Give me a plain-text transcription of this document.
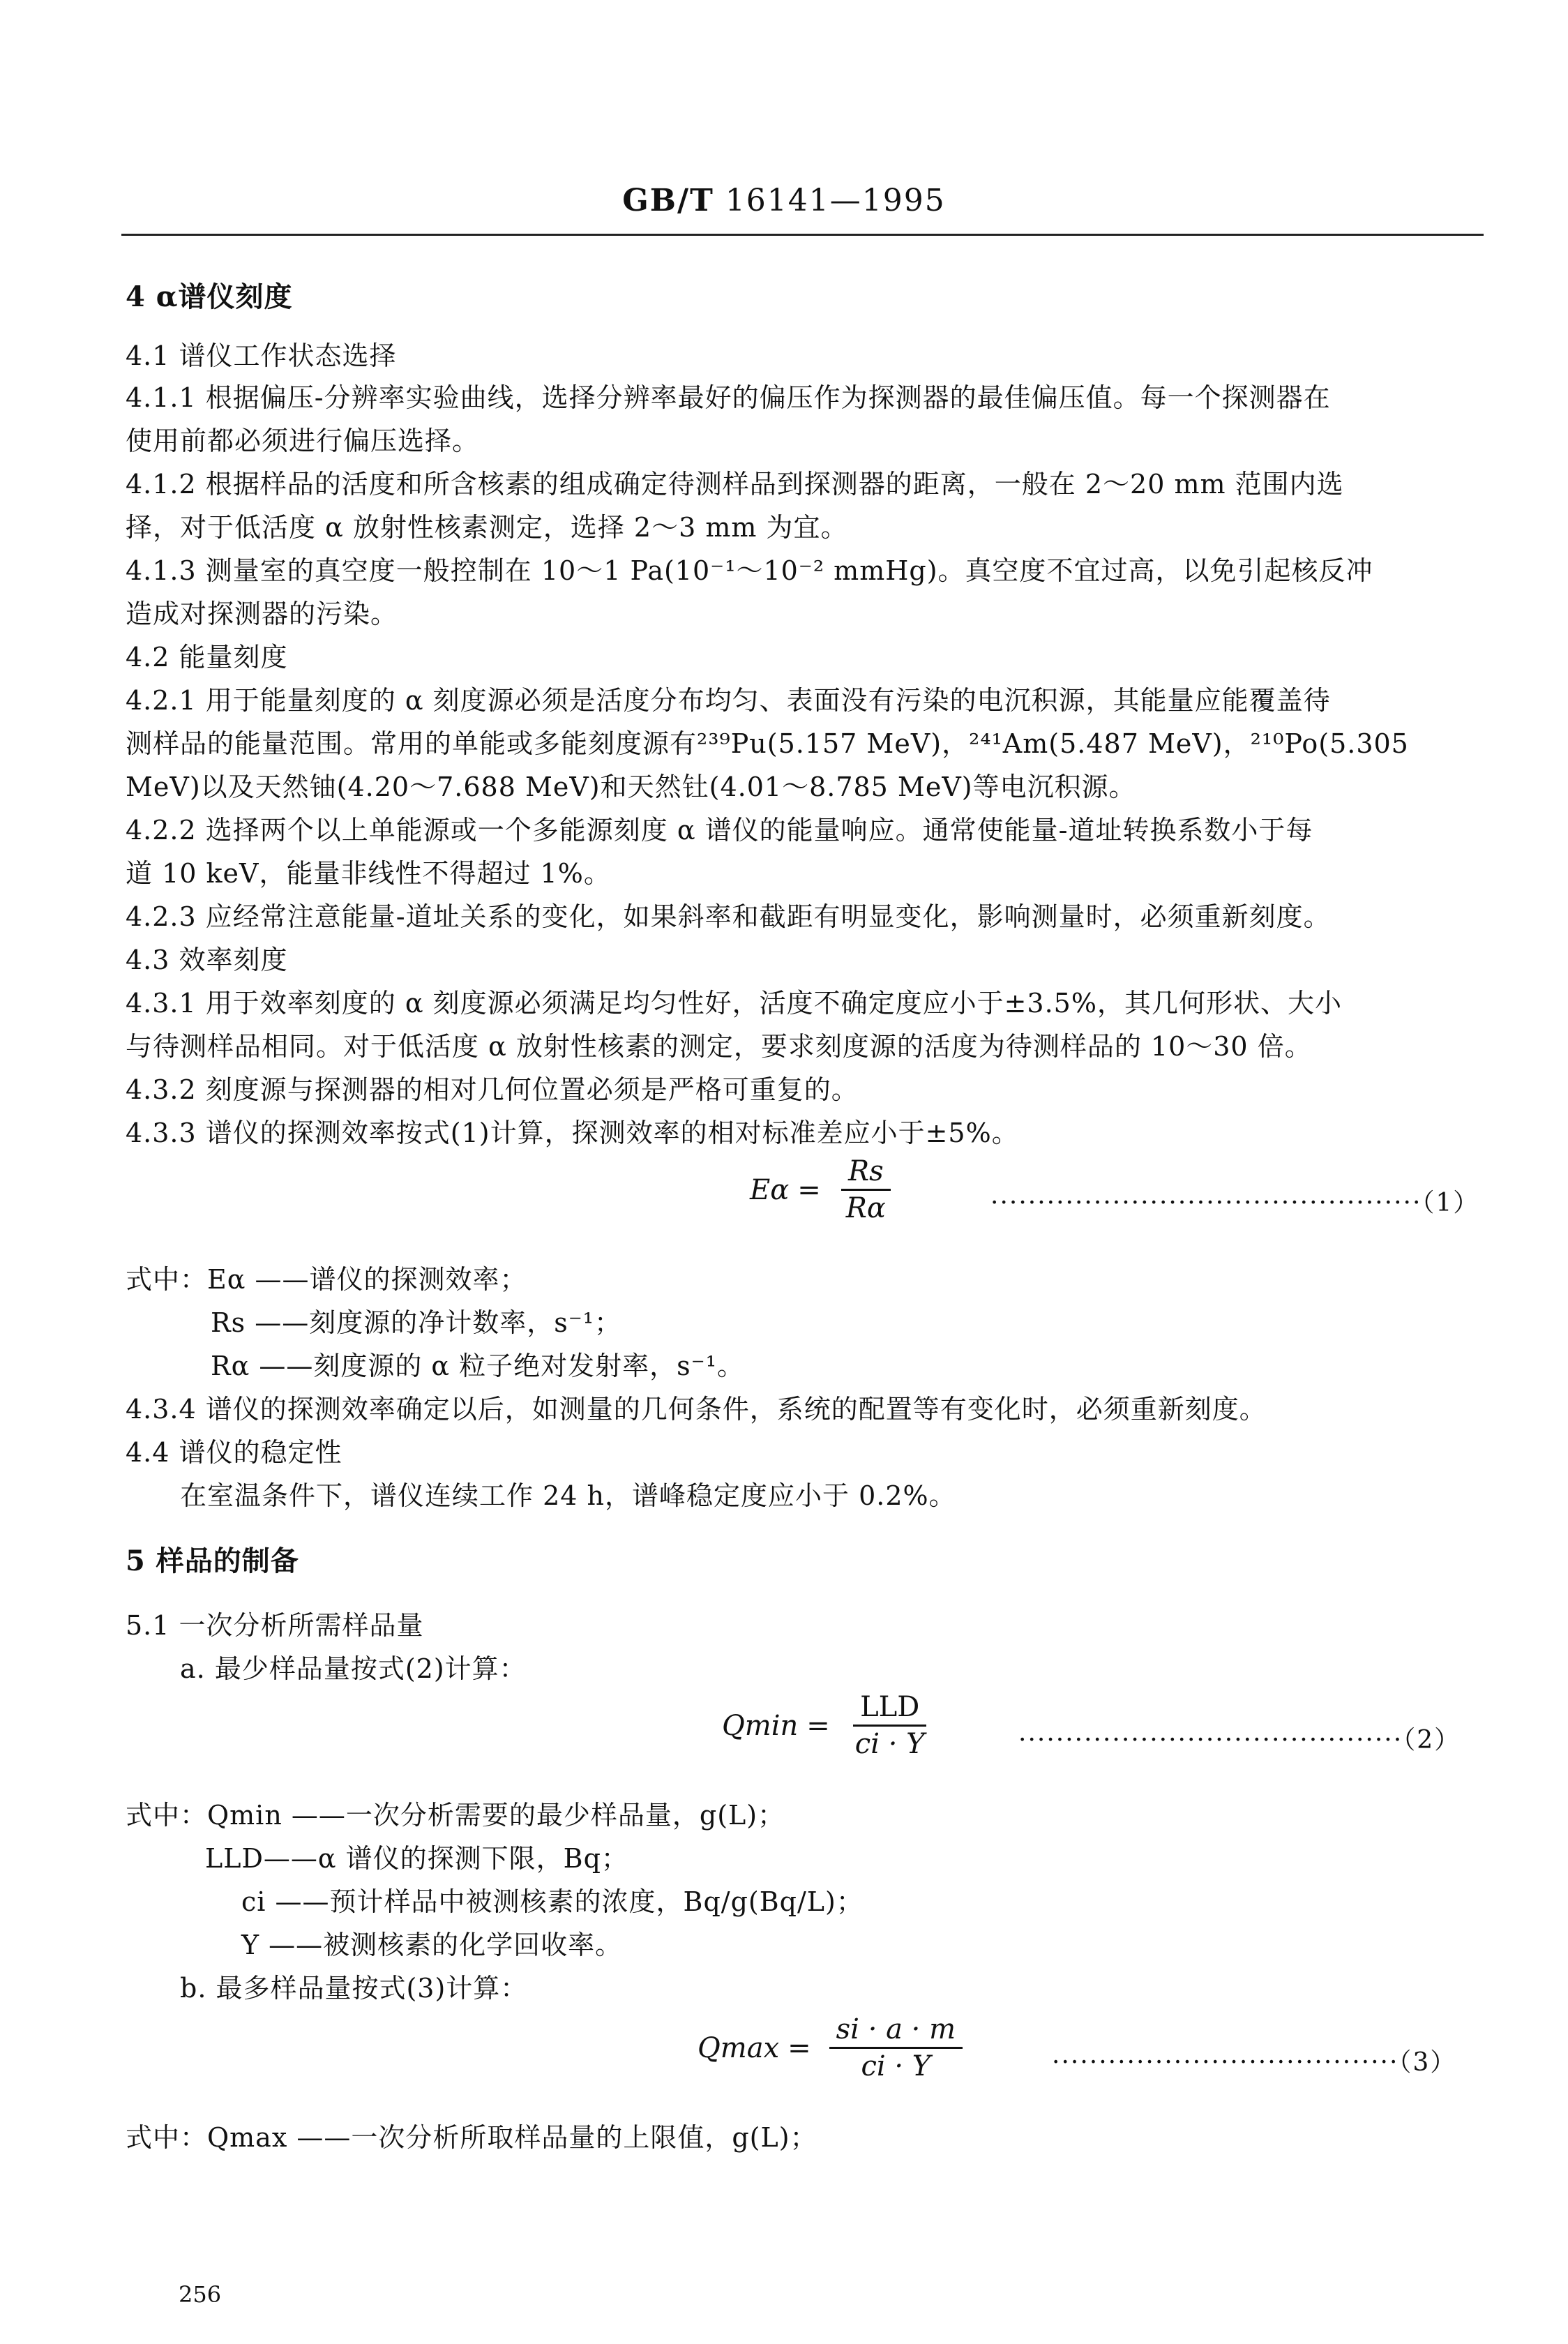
GB/T 16141—1995
4 α谱仪刻度
4.1 谱仪工作状态选择
4.1.1 根据偏压-分辨率实验曲线，选择分辨率最好的偏压作为探测器的最佳偏压值。每一个探测器在
使用前都必须进行偏压选择。
4.1.2 根据样品的活度和所含核素的组成确定待测样品到探测器的距离，一般在 2～20 mm 范围内选
择，对于低活度 α 放射性核素测定，选择 2～3 mm 为宜。
4.1.3 测量室的真空度一般控制在 10～1 Pa(10⁻¹～10⁻² mmHg)。真空度不宜过高，以免引起核反冲
造成对探测器的污染。
4.2 能量刻度
4.2.1 用于能量刻度的 α 刻度源必须是活度分布均匀、表面没有污染的电沉积源，其能量应能覆盖待
测样品的能量范围。常用的单能或多能刻度源有²³⁹Pu(5.157 MeV)，²⁴¹Am(5.487 MeV)，²¹⁰Po(5.305
MeV)以及天然铀(4.20～7.688 MeV)和天然钍(4.01～8.785 MeV)等电沉积源。
4.2.2 选择两个以上单能源或一个多能源刻度 α 谱仪的能量响应。通常使能量-道址转换系数小于每
道 10 keV，能量非线性不得超过 1%。
4.2.3 应经常注意能量-道址关系的变化，如果斜率和截距有明显变化，影响测量时，必须重新刻度。
4.3 效率刻度
4.3.1 用于效率刻度的 α 刻度源必须满足均匀性好，活度不确定度应小于±3.5%，其几何形状、大小
与待测样品相同。对于低活度 α 放射性核素的测定，要求刻度源的活度为待测样品的 10～30 倍。
4.3.2 刻度源与探测器的相对几何位置必须是严格可重复的。
4.3.3 谱仪的探测效率按式(1)计算，探测效率的相对标准差应小于±5%。
$E\alpha = \frac{Rs}{R\alpha}$	··············································（1）
式中：Eα ——谱仪的探测效率；
Rs ——刻度源的净计数率，s⁻¹；
Rα ——刻度源的 α 粒子绝对发射率，s⁻¹。
4.3.4 谱仪的探测效率确定以后，如测量的几何条件，系统的配置等有变化时，必须重新刻度。
4.4 谱仪的稳定性
在室温条件下，谱仪连续工作 24 h，谱峰稳定度应小于 0.2%。
5 样品的制备
5.1 一次分析所需样品量
a. 最少样品量按式(2)计算：
$Qmin = \frac{\text{LLD}}{ci \cdot Y}$	·········································（2）
式中：Qmin ——一次分析需要的最少样品量，g(L)；
LLD——α 谱仪的探测下限，Bq；
ci ——预计样品中被测核素的浓度，Bq/g(Bq/L)；
Y ——被测核素的化学回收率。
b. 最多样品量按式(3)计算：
$Qmax = \frac{si \cdot a \cdot m}{ci \cdot Y}$	·····································（3）
式中：Qmax ——一次分析所取样品量的上限值，g(L)；
256
